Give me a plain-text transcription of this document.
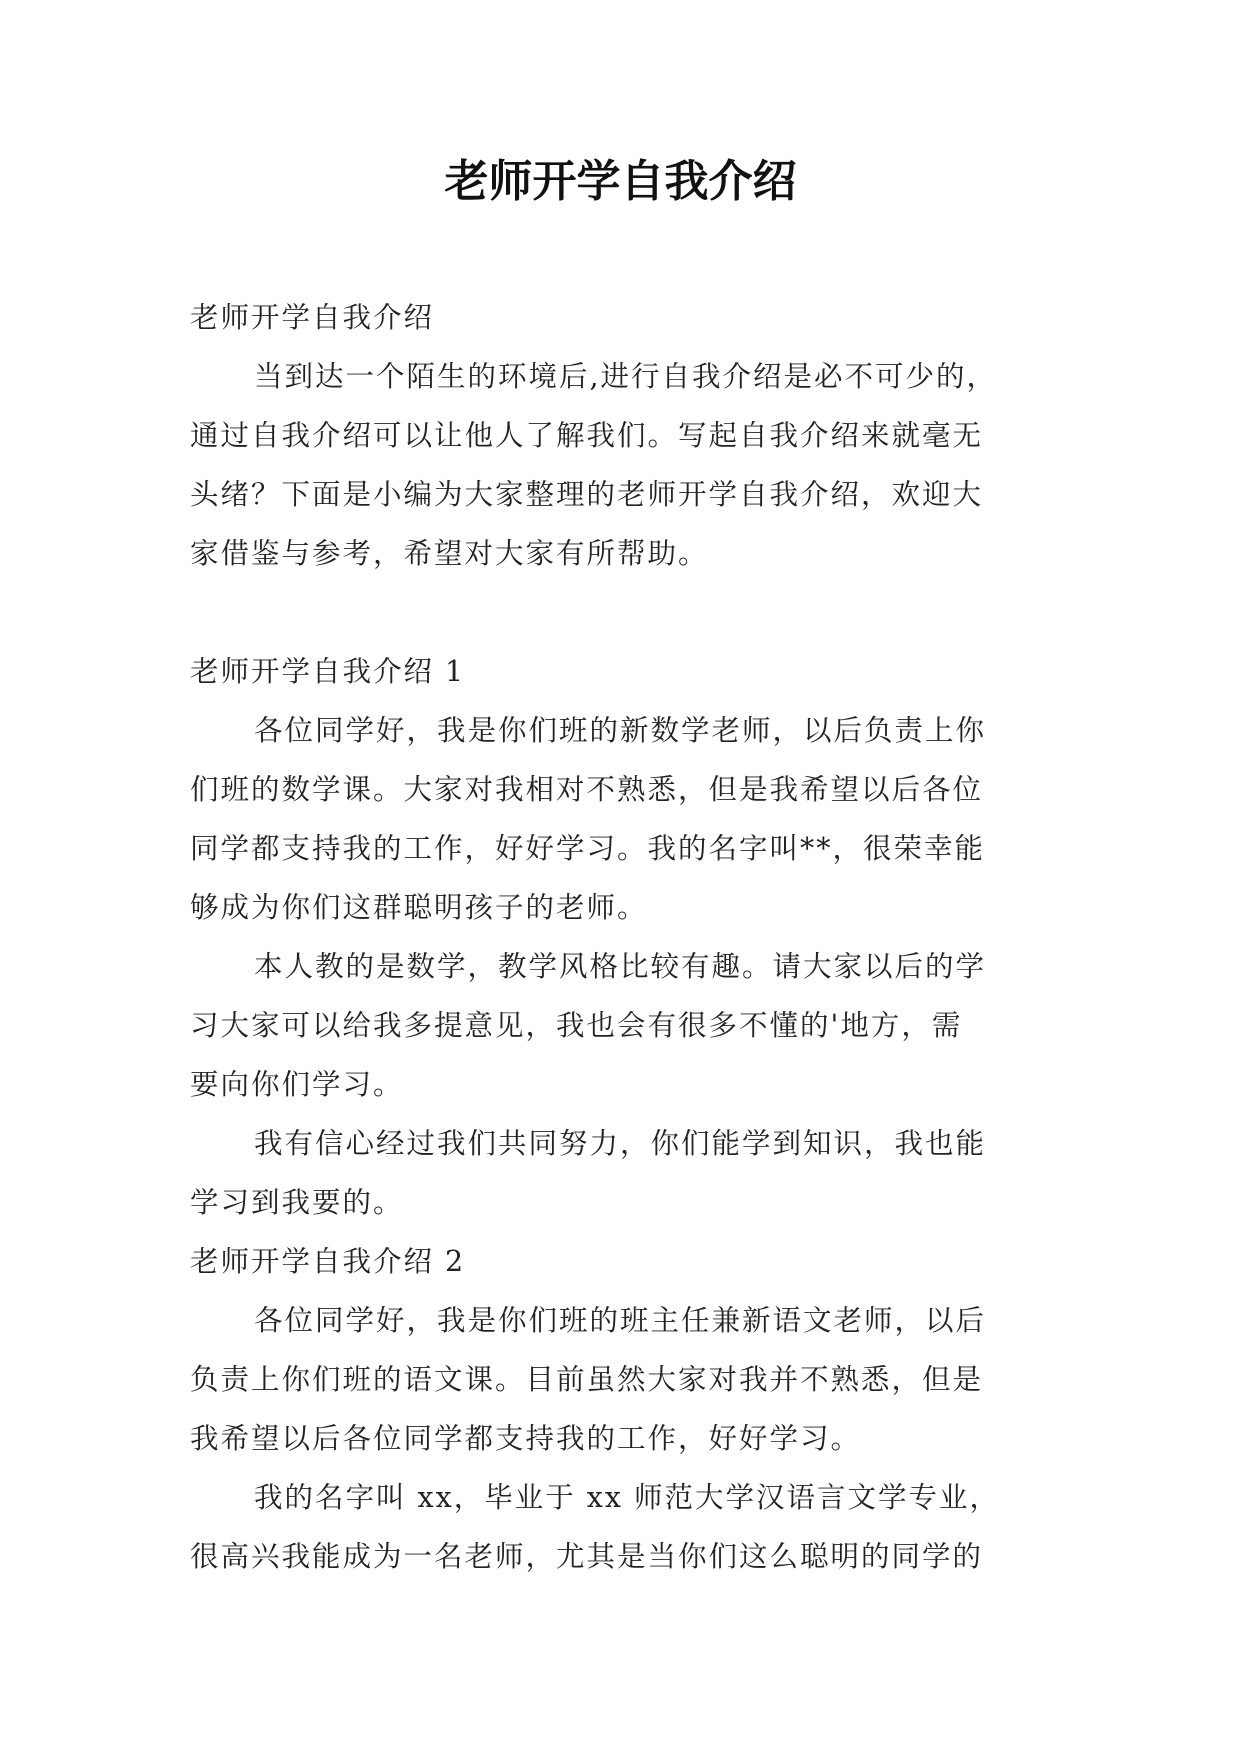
老师开学自我介绍
老师开学自我介绍
当到达一个陌生的环境后,进行自我介绍是必不可少的，
通过自我介绍可以让他人了解我们。写起自我介绍来就毫无
头绪？下面是小编为大家整理的老师开学自我介绍，欢迎大
家借鉴与参考，希望对大家有所帮助。
老师开学自我介绍 1
各位同学好，我是你们班的新数学老师，以后负责上你
们班的数学课。大家对我相对不熟悉，但是我希望以后各位
同学都支持我的工作，好好学习。我的名字叫**，很荣幸能
够成为你们这群聪明孩子的老师。
本人教的是数学，教学风格比较有趣。请大家以后的学
习大家可以给我多提意见，我也会有很多不懂的'地方，需
要向你们学习。
我有信心经过我们共同努力，你们能学到知识，我也能
学习到我要的。
老师开学自我介绍 2
各位同学好，我是你们班的班主任兼新语文老师，以后
负责上你们班的语文课。目前虽然大家对我并不熟悉，但是
我希望以后各位同学都支持我的工作，好好学习。
我的名字叫 xx，毕业于 xx 师范大学汉语言文学专业，
很高兴我能成为一名老师，尤其是当你们这么聪明的同学的
